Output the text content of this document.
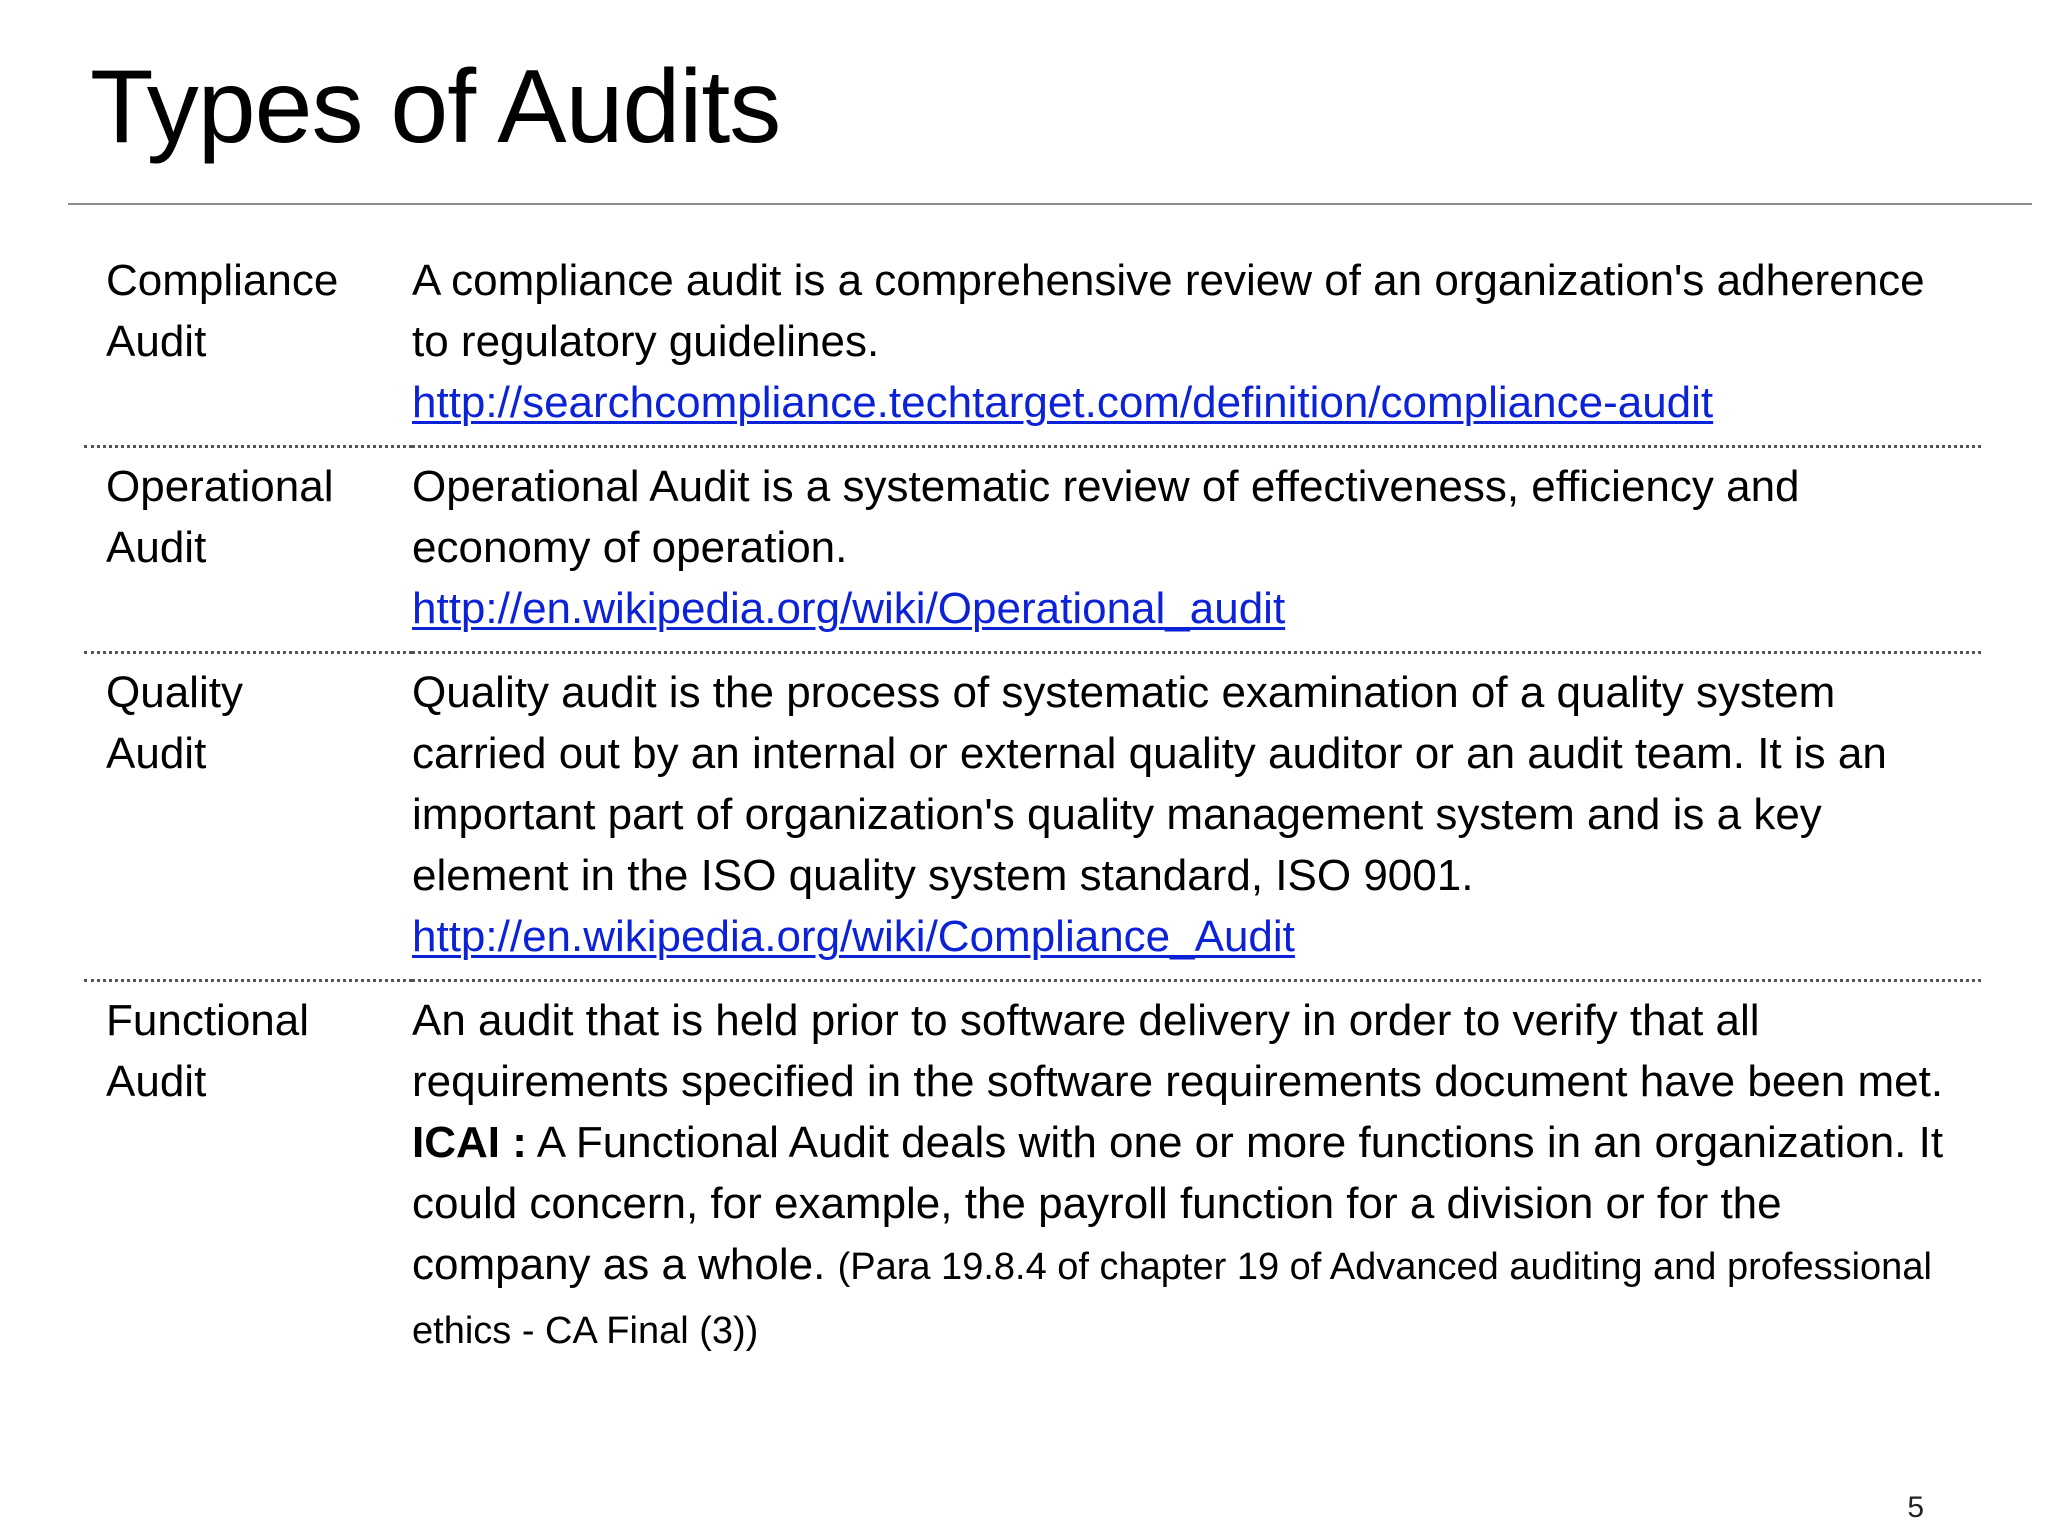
Types of Audits
Compliance
Audit	A compliance audit is a comprehensive review of an organization's adherence to regulatory guidelines.
http://searchcompliance.techtarget.com/definition/compliance-audit

Operational
Audit	Operational Audit is a systematic review of effectiveness, efficiency and economy of operation.
http://en.wikipedia.org/wiki/Operational_audit

Quality
Audit	Quality audit is the process of systematic examination of a quality system carried out by an internal or external quality auditor or an audit team. It is an important part of organization's quality management system and is a key element in the ISO quality system standard, ISO 9001.
http://en.wikipedia.org/wiki/Compliance_Audit

Functional
Audit	An audit that is held prior to software delivery in order to verify that all requirements specified in the software requirements document have been met.
ICAI : A Functional Audit deals with one or more functions in an organization. It could concern, for example, the payroll function for a division or for the company as a whole. (Para 19.8.4 of chapter 19 of Advanced auditing and professional ethics - CA Final (3))
5
